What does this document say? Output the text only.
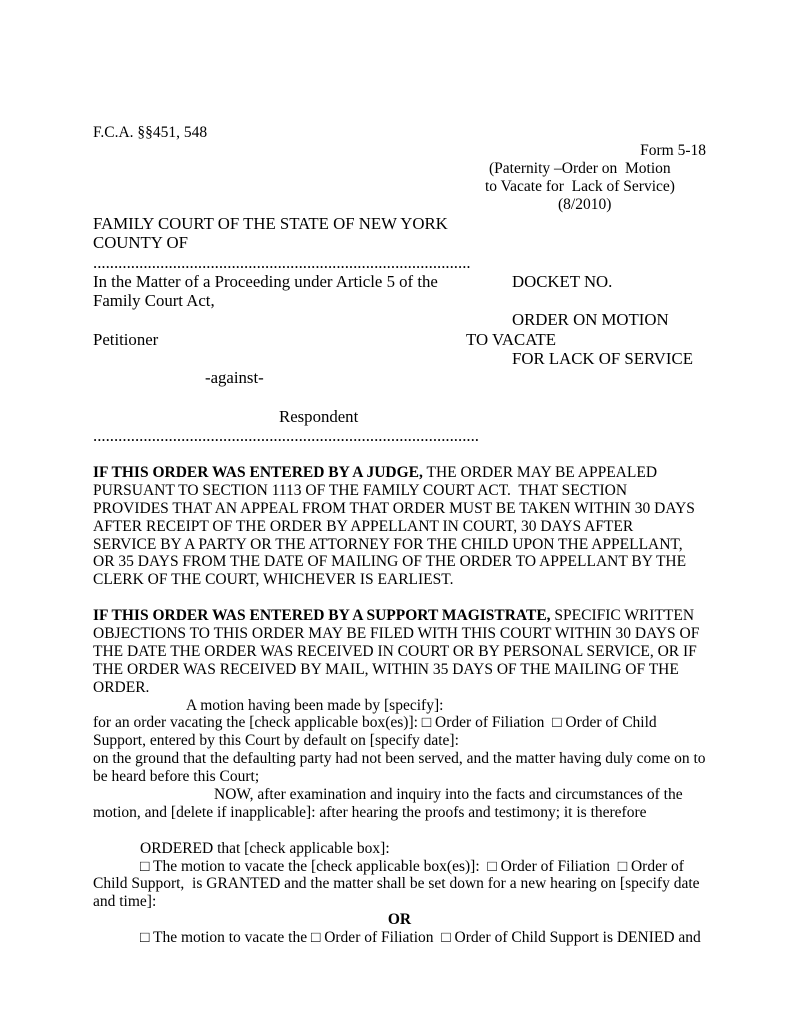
F.C.A. §§451, 548
Form 5-18
(Paternity –Order on  Motion
to Vacate for  Lack of Service)
(8/2010)
FAMILY COURT OF THE STATE OF NEW YORK
COUNTY OF
..........................................................................................
In the Matter of a Proceeding under Article 5 of the	DOCKET NO.
Family Court Act,
ORDER ON MOTION
Petitioner	TO VACATE
FOR LACK OF SERVICE
-against-
Respondent
............................................................................................
IF THIS ORDER WAS ENTERED BY A JUDGE, THE ORDER MAY BE APPEALED
PURSUANT TO SECTION 1113 OF THE FAMILY COURT ACT.  THAT SECTION
PROVIDES THAT AN APPEAL FROM THAT ORDER MUST BE TAKEN WITHIN 30 DAYS
AFTER RECEIPT OF THE ORDER BY APPELLANT IN COURT, 30 DAYS AFTER
SERVICE BY A PARTY OR THE ATTORNEY FOR THE CHILD UPON THE APPELLANT,
OR 35 DAYS FROM THE DATE OF MAILING OF THE ORDER TO APPELLANT BY THE
CLERK OF THE COURT, WHICHEVER IS EARLIEST.
IF THIS ORDER WAS ENTERED BY A SUPPORT MAGISTRATE, SPECIFIC WRITTEN
OBJECTIONS TO THIS ORDER MAY BE FILED WITH THIS COURT WITHIN 30 DAYS OF
THE DATE THE ORDER WAS RECEIVED IN COURT OR BY PERSONAL SERVICE, OR IF
THE ORDER WAS RECEIVED BY MAIL, WITHIN 35 DAYS OF THE MAILING OF THE
ORDER.
A motion having been made by [specify]:
for an order vacating the [check applicable box(es)]: □ Order of Filiation □ Order of Child
Support, entered by this Court by default on [specify date]:
on the ground that the defaulting party had not been served, and the matter having duly come on to
be heard before this Court;
NOW, after examination and inquiry into the facts and circumstances of the
motion, and [delete if inapplicable]: after hearing the proofs and testimony; it is therefore
ORDERED that [check applicable box]:
□ The motion to vacate the [check applicable box(es)]: □ Order of Filiation □ Order of
Child Support,  is GRANTED and the matter shall be set down for a new hearing on [specify date
and time]:
OR
□ The motion to vacate the □ Order of Filiation □ Order of Child Support is DENIED and
